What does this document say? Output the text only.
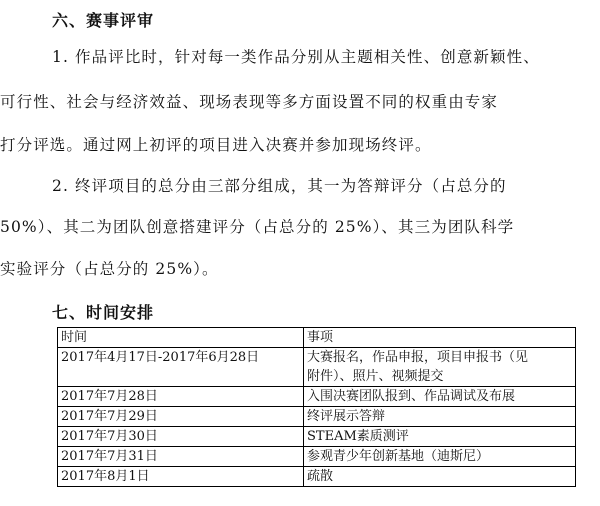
六、赛事评审
1. 作品评比时，针对每一类作品分别从主题相关性、创意新颖性、
可行性、社会与经济效益、现场表现等多方面设置不同的权重由专家
打分评选。通过网上初评的项目进入决赛并参加现场终评。
2. 终评项目的总分由三部分组成，其一为答辩评分（占总分的
50%）、其二为团队创意搭建评分（占总分的 25%）、其三为团队科学
实验评分（占总分的 25%）。
七、时间安排
时间	事项
2017年4月17日-2017年6月28日	大赛报名，作品申报，项目申报书（见
附件）、照片、视频提交

2017年7月28日	入围决赛团队报到、作品调试及布展
2017年7月29日	终评展示答辩
2017年7月30日	STEAM素质测评
2017年7月31日	参观青少年创新基地（迪斯尼）
2017年8月1日	疏散
